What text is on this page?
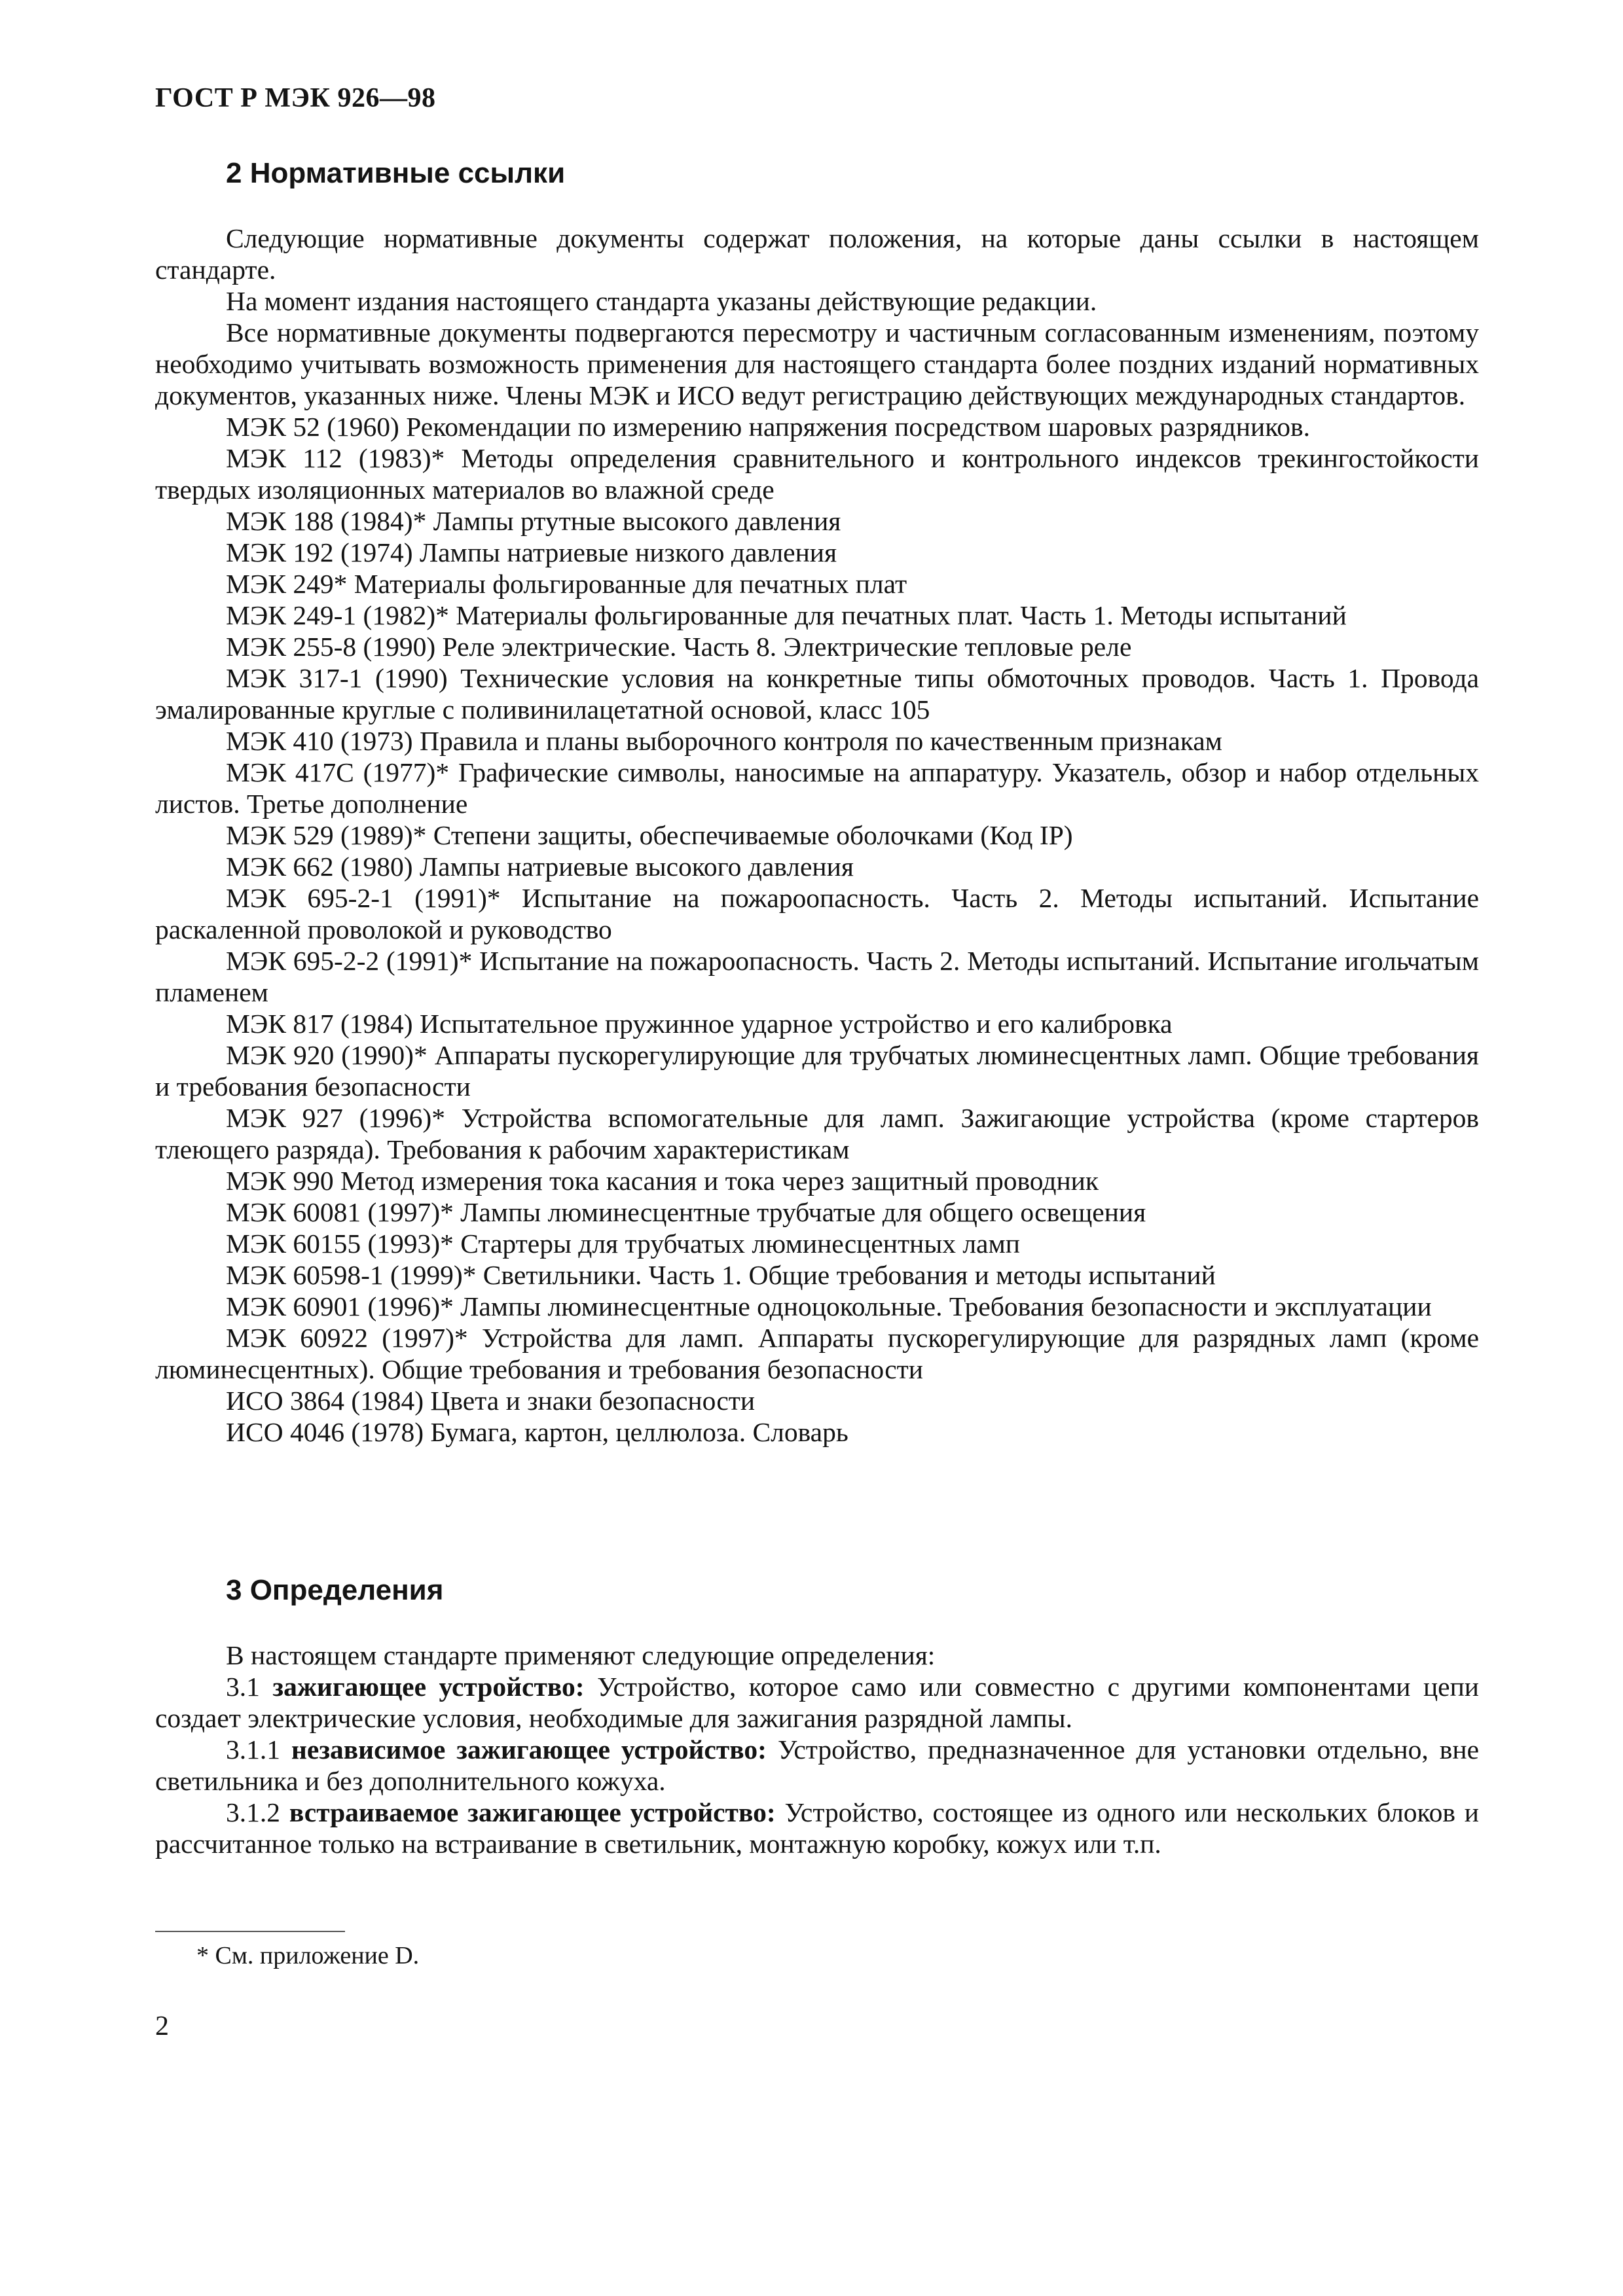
ГОСТ Р МЭК 926—98
2 Нормативные ссылки

Следующие нормативные документы содержат положения, на которые даны ссылки в настоящем стандарте.

На момент издания настоящего стандарта указаны действующие редакции.

Все нормативные документы подвергаются пересмотру и частичным согласованным изменениям, поэтому необходимо учитывать возможность применения для настоящего стандарта более поздних изданий нормативных документов, указанных ниже. Члены МЭК и ИСО ведут регистрацию действующих международных стандартов.

МЭК 52 (1960) Рекомендации по измерению напряжения посредством шаровых разрядников.

МЭК 112 (1983)* Методы определения сравнительного и контрольного индексов трекингостойкости твердых изоляционных материалов во влажной среде

МЭК 188 (1984)* Лампы ртутные высокого давления

МЭК 192 (1974) Лампы натриевые низкого давления

МЭК 249* Материалы фольгированные для печатных плат

МЭК 249-1 (1982)* Материалы фольгированные для печатных плат. Часть 1. Методы испытаний

МЭК 255-8 (1990) Реле электрические. Часть 8. Электрические тепловые реле

МЭК 317-1 (1990) Технические условия на конкретные типы обмоточных проводов. Часть 1. Провода эмалированные круглые с поливинилацетатной основой, класс 105

МЭК 410 (1973) Правила и планы выборочного контроля по качественным признакам

МЭК 417С (1977)* Графические символы, наносимые на аппаратуру. Указатель, обзор и набор отдельных листов. Третье дополнение

МЭК 529 (1989)* Степени защиты, обеспечиваемые оболочками (Код IP)

МЭК 662 (1980) Лампы натриевые высокого давления

МЭК 695-2-1 (1991)* Испытание на пожароопасность. Часть 2. Методы испытаний. Испытание раскаленной проволокой и руководство

МЭК 695-2-2 (1991)* Испытание на пожароопасность. Часть 2. Методы испытаний. Испытание игольчатым пламенем

МЭК 817 (1984) Испытательное пружинное ударное устройство и его калибровка

МЭК 920 (1990)* Аппараты пускорегулирующие для трубчатых люминесцентных ламп. Общие требования и требования безопасности

МЭК 927 (1996)* Устройства вспомогательные для ламп. Зажигающие устройства (кроме стартеров тлеющего разряда). Требования к рабочим характеристикам

МЭК 990 Метод измерения тока касания и тока через защитный проводник

МЭК 60081 (1997)* Лампы люминесцентные трубчатые для общего освещения

МЭК 60155 (1993)* Стартеры для трубчатых люминесцентных ламп

МЭК 60598-1 (1999)* Светильники. Часть 1. Общие требования и методы испытаний

МЭК 60901 (1996)* Лампы люминесцентные одноцокольные. Требования безопасности и эксплуатации

МЭК 60922 (1997)* Устройства для ламп. Аппараты пускорегулирующие для разрядных ламп (кроме люминесцентных). Общие требования и требования безопасности

ИСО 3864 (1984) Цвета и знаки безопасности

ИСО 4046 (1978) Бумага, картон, целлюлоза. Словарь

3 Определения

В настоящем стандарте применяют следующие определения:

3.1 зажигающее устройство: Устройство, которое само или совместно с другими компонентами цепи создает электрические условия, необходимые для зажигания разрядной лампы.

3.1.1 независимое зажигающее устройство: Устройство, предназначенное для установки отдельно, вне светильника и без дополнительного кожуха.

3.1.2 встраиваемое зажигающее устройство: Устройство, состоящее из одного или нескольких блоков и рассчитанное только на встраивание в светильник, монтажную коробку, кожух или т.п.

* См. приложение D.
2
